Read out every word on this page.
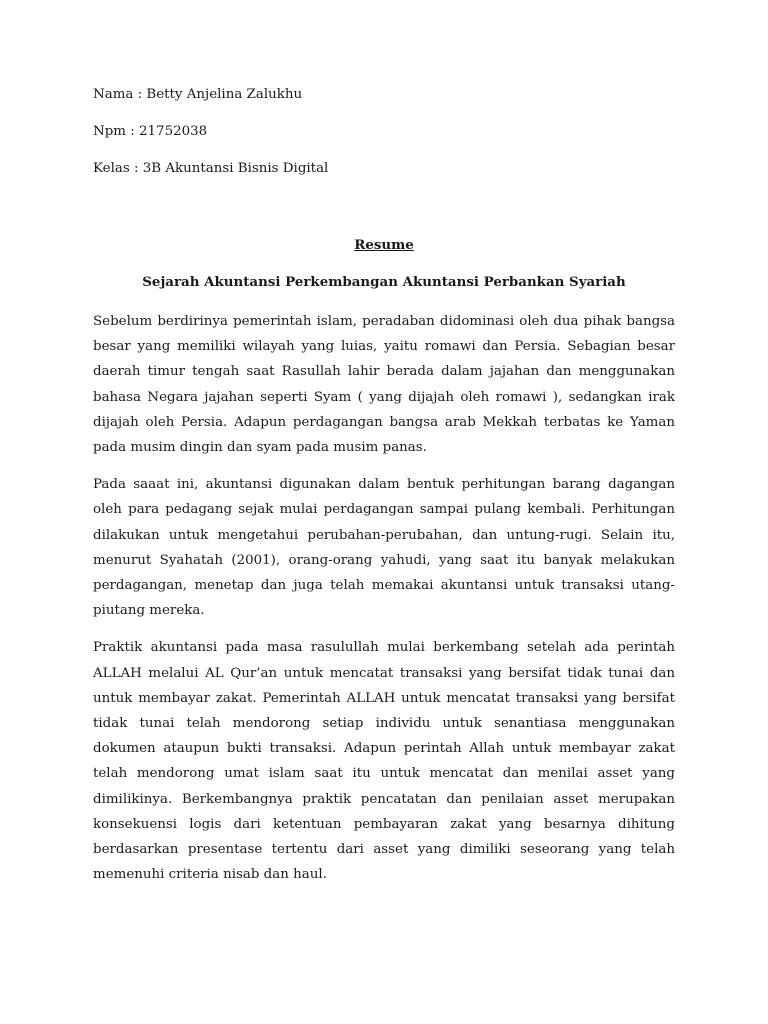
Nama : Betty Anjelina Zalukhu

Npm : 21752038

Kelas : 3B Akuntansi Bisnis Digital

Resume

Sejarah Akuntansi Perkembangan Akuntansi Perbankan Syariah

Sebelum berdirinya pemerintah islam, peradaban didominasi oleh dua pihak bangsa besar yang memiliki wilayah yang luias, yaitu romawi dan Persia. Sebagian besar daerah timur tengah saat Rasullah lahir berada dalam jajahan dan menggunakan bahasa Negara jajahan seperti Syam ( yang dijajah oleh romawi ), sedangkan irak dijajah oleh Persia. Adapun perdagangan bangsa arab Mekkah terbatas ke Yaman pada musim dingin dan syam pada musim panas.

Pada saaat ini, akuntansi digunakan dalam bentuk perhitungan barang dagangan oleh para pedagang sejak mulai perdagangan sampai pulang kembali. Perhitungan dilakukan untuk mengetahui perubahan-perubahan, dan untung-rugi. Selain itu, menurut Syahatah (2001), orang-orang yahudi, yang saat itu banyak melakukan perdagangan, menetap dan juga telah memakai akuntansi untuk transaksi utang-piutang mereka.

Praktik akuntansi pada masa rasulullah mulai berkembang setelah ada perintah ALLAH melalui AL Qur’an untuk mencatat transaksi yang bersifat tidak tunai dan untuk membayar zakat. Pemerintah ALLAH untuk mencatat transaksi yang bersifat tidak tunai telah mendorong setiap individu untuk senantiasa menggunakan dokumen ataupun bukti transaksi. Adapun perintah Allah untuk membayar zakat telah mendorong umat islam saat itu untuk mencatat dan menilai asset yang dimilikinya. Berkembangnya praktik pencatatan dan penilaian asset merupakan konsekuensi logis dari ketentuan pembayaran zakat yang besarnya dihitung berdasarkan presentase tertentu dari asset yang dimiliki seseorang yang telah memenuhi criteria nisab dan haul.
